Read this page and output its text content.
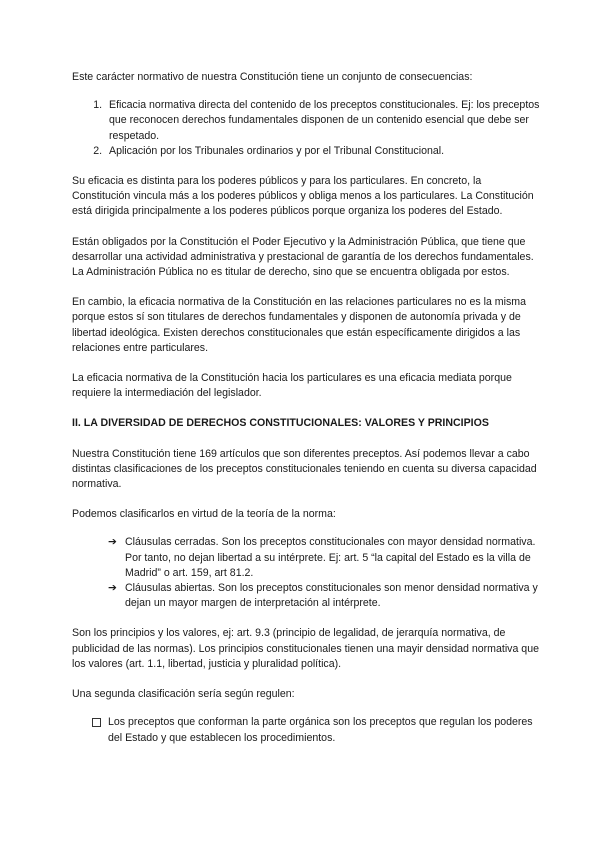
Este carácter normativo de nuestra Constitución tiene un conjunto de consecuencias:

1. Eficacia normativa directa del contenido de los preceptos constitucionales. Ej: los preceptos que reconocen derechos fundamentales disponen de un contenido esencial que debe ser respetado.
2. Aplicación por los Tribunales ordinarios y por el Tribunal Constitucional.

Su eficacia es distinta para los poderes públicos y para los particulares. En concreto, la Constitución vincula más a los poderes públicos y obliga menos a los particulares. La Constitución está dirigida principalmente a los poderes públicos porque organiza los poderes del Estado.

Están obligados por la Constitución el Poder Ejecutivo y la Administración Pública, que tiene que desarrollar una actividad administrativa y prestacional de garantía de los derechos fundamentales. La Administración Pública no es titular de derecho, sino que se encuentra obligada por estos.

En cambio, la eficacia normativa de la Constitución en las relaciones particulares no es la misma porque estos sí son titulares de derechos fundamentales y disponen de autonomía privada y de libertad ideológica. Existen derechos constitucionales que están específicamente dirigidos a las relaciones entre particulares.

La eficacia normativa de la Constitución hacia los particulares es una eficacia mediata porque requiere la intermediación del legislador.

II. LA DIVERSIDAD DE DERECHOS CONSTITUCIONALES: VALORES Y PRINCIPIOS

Nuestra Constitución tiene 169 artículos que son diferentes preceptos. Así podemos llevar a cabo distintas clasificaciones de los preceptos constitucionales teniendo en cuenta su diversa capacidad normativa.

Podemos clasificarlos en virtud de la teoría de la norma:

➔ Cláusulas cerradas. Son los preceptos constitucionales con mayor densidad normativa. Por tanto, no dejan libertad a su intérprete. Ej: art. 5 “la capital del Estado es la villa de Madrid” o art. 159, art 81.2.
➔ Cláusulas abiertas. Son los preceptos constitucionales son menor densidad normativa y dejan un mayor margen de interpretación al intérprete.

Son los principios y los valores, ej: art. 9.3 (principio de legalidad, de jerarquía normativa, de publicidad de las normas). Los principios constitucionales tienen una mayir densidad normativa que los valores (art. 1.1, libertad, justicia y pluralidad política).

Una segunda clasificación sería según regulen:

Los preceptos que conforman la parte orgánica son los preceptos que regulan los poderes del Estado y que establecen los procedimientos.
